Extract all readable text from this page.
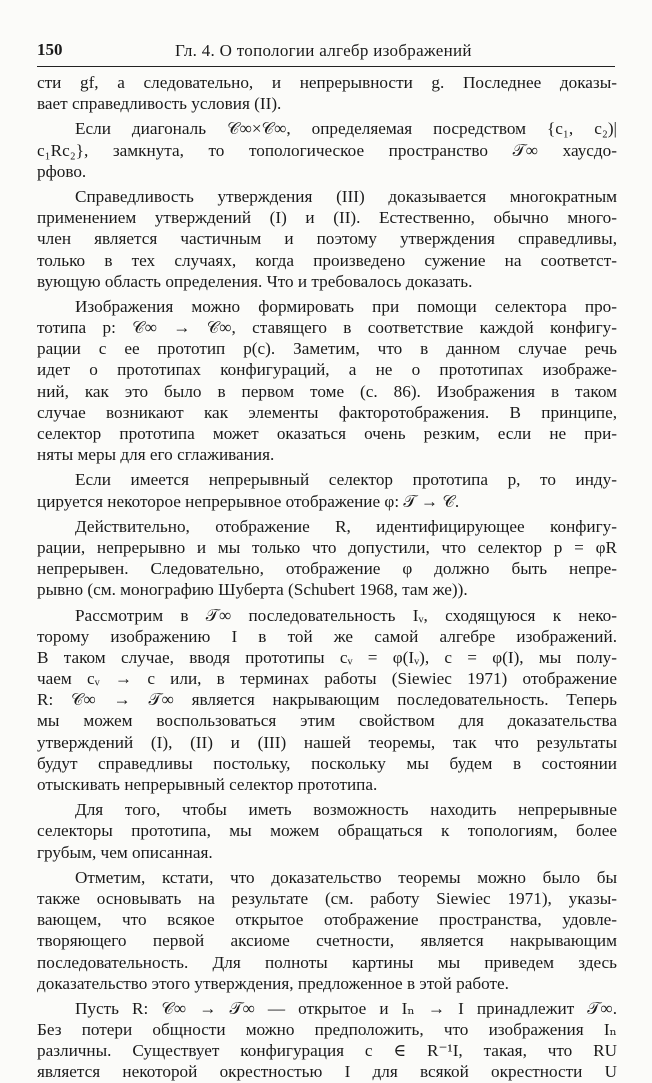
150	Гл. 4. О топологии алгебр изображений
сти gf, а следовательно, и непрерывности g. Последнее доказы-
вает справедливость условия (II).
Если диагональ 𝒞∞×𝒞∞, определяемая посредством {c₁, c₂)|
c₁Rc₂}, замкнута, то топологическое пространство 𝒯∞ хаусдо-
рфово.
Справедливость утверждения (III) доказывается многократным
применением утверждений (I) и (II). Естественно, обычно много-
член является частичным и поэтому утверждения справедливы,
только в тех случаях, когда произведено сужение на соответст-
вующую область определения. Что и требовалось доказать.
Изображения можно формировать при помощи селектора про-
тотипа p: 𝒞∞ → 𝒞∞, ставящего в соответствие каждой конфигу-
рации c ее прототип p(c). Заметим, что в данном случае речь
идет о прототипах конфигураций, а не о прототипах изображе-
ний, как это было в первом томе (с. 86). Изображения в таком
случае возникают как элементы фактоpотображения. В принципе,
селектор прототипа может оказаться очень резким, если не при-
няты меры для его сглаживания.
Если имеется непрерывный селектор прототипа p, то инду-
цируется некоторое непрерывное отображение φ: 𝒯 → 𝒞.
Действительно, отображение R, идентифицирующее конфигу-
рации, непрерывно и мы только что допустили, что селектор p = φR
непрерывен. Следовательно, отображение φ должно быть непре-
рывно (см. монографию Шуберта (Schubert 1968, там же)).
Рассмотрим в 𝒯∞ последовательность Iᵥ, сходящуюся к неко-
торому изображению I в той же самой алгебре изображений.
В таком случае, вводя прототипы cᵥ = φ(Iᵥ), c = φ(I), мы полу-
чаем cᵥ → c или, в терминах работы (Siewiec 1971) отображение
R: 𝒞∞ → 𝒯∞ является накрывающим последовательность. Теперь
мы можем воспользоваться этим свойством для доказательства
утверждений (I), (II) и (III) нашей теоремы, так что результаты
будут справедливы постольку, поскольку мы будем в состоянии
отыскивать непрерывный селектор прототипа.
Для того, чтобы иметь возможность находить непрерывные
селекторы прототипа, мы можем обращаться к топологиям, более
грубым, чем описанная.
Отметим, кстати, что доказательство теоремы можно было бы
также основывать на результате (см. работу Siewiec 1971), указы-
вающем, что всякое открытое отображение пространства, удовле-
творяющего первой аксиоме счетности, является накрывающим
последовательность. Для полноты картины мы приведем здесь
доказательство этого утверждения, предложенное в этой работе.
Пусть R: 𝒞∞ → 𝒯∞ — открытое и Iₙ → I принадлежит 𝒯∞.
Без потери общности можно предположить, что изображения Iₙ
различны. Существует конфигурация c ∈ R⁻¹I, такая, что RU
является некоторой окрестностью I для всякой окрестности U
